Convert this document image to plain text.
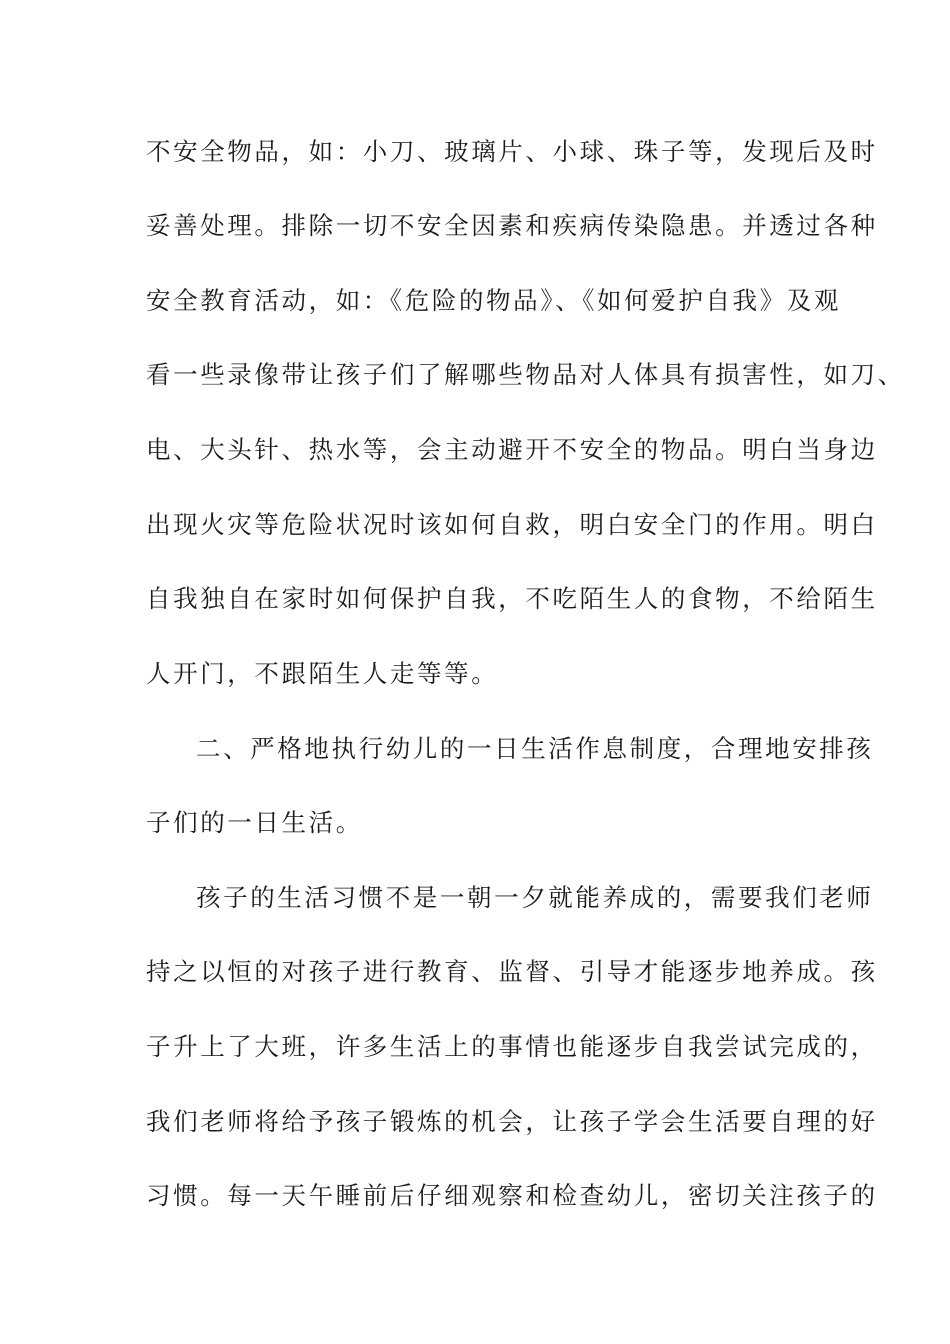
不安全物品，如：小刀、玻璃片、小球、珠子等，发现后及时
妥善处理。排除一切不安全因素和疾病传染隐患。并透过各种
安全教育活动，如：《危险的物品》、《如何爱护自我》及观
看一些录像带让孩子们了解哪些物品对人体具有损害性，如刀、
电、大头针、热水等，会主动避开不安全的物品。明白当身边
出现火灾等危险状况时该如何自救，明白安全门的作用。明白
自我独自在家时如何保护自我，不吃陌生人的食物，不给陌生
人开门，不跟陌生人走等等。
二、严格地执行幼儿的一日生活作息制度，合理地安排孩
子们的一日生活。
孩子的生活习惯不是一朝一夕就能养成的，需要我们老师
持之以恒的对孩子进行教育、监督、引导才能逐步地养成。孩
子升上了大班，许多生活上的事情也能逐步自我尝试完成的，
我们老师将给予孩子锻炼的机会，让孩子学会生活要自理的好
习惯。每一天午睡前后仔细观察和检查幼儿，密切关注孩子的
